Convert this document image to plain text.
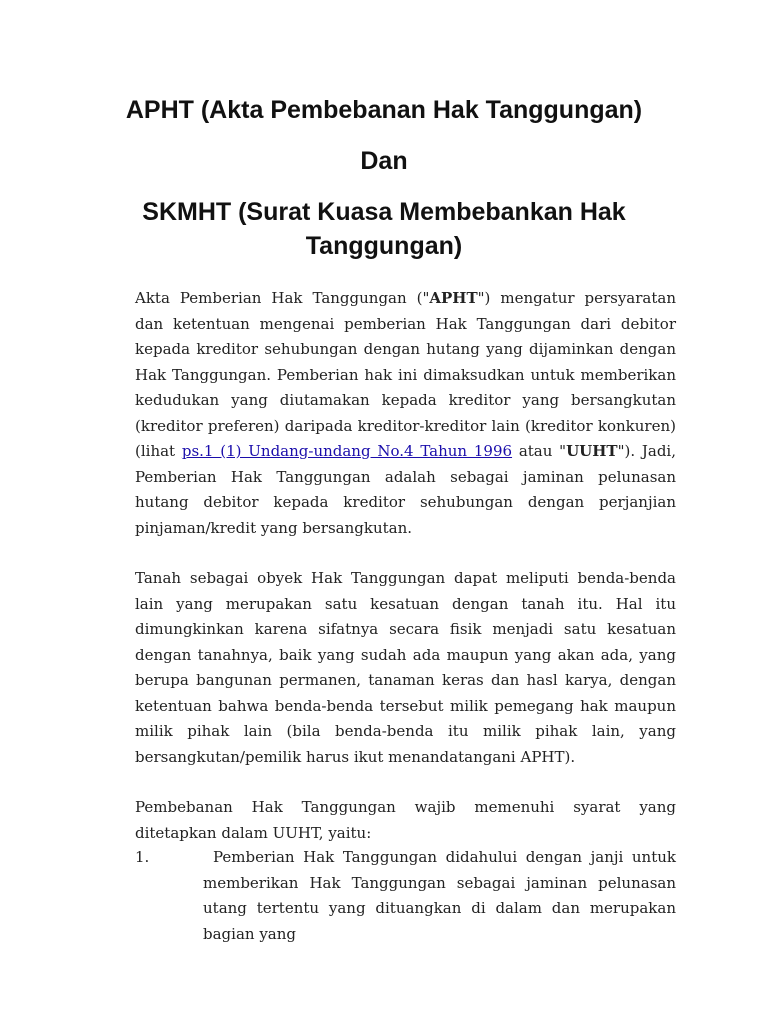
APHT (Akta Pembebanan Hak Tanggungan)
Dan
SKMHT (Surat Kuasa Membebankan Hak Tanggungan)

Akta Pemberian Hak Tanggungan ("APHT") mengatur persyaratan dan ketentuan mengenai pemberian Hak Tanggungan dari debitor kepada kreditor sehubungan dengan hutang yang dijaminkan dengan Hak Tanggungan. Pemberian hak ini dimaksudkan untuk memberikan kedudukan yang diutamakan kepada kreditor yang bersangkutan (kreditor preferen) daripada kreditor-kreditor lain (kreditor konkuren) (lihat ps.1 (1) Undang-undang No.4 Tahun 1996 atau "UUHT"). Jadi, Pemberian Hak Tanggungan adalah sebagai jaminan pelunasan hutang debitor kepada kreditor sehubungan dengan perjanjian pinjaman/kredit yang bersangkutan.

Tanah sebagai obyek Hak Tanggungan dapat meliputi benda-benda lain yang merupakan satu kesatuan dengan tanah itu. Hal itu dimungkinkan karena sifatnya secara fisik menjadi satu kesatuan dengan tanahnya, baik yang sudah ada maupun yang akan ada, yang berupa bangunan permanen, tanaman keras dan hasl karya, dengan ketentuan bahwa benda-benda tersebut milik pemegang hak maupun milik pihak lain (bila benda-benda itu milik pihak lain, yang bersangkutan/pemilik harus ikut menandatangani APHT).

Pembebanan Hak Tanggungan wajib memenuhi syarat yang ditetapkan dalam UUHT, yaitu:

1.	Pemberian Hak Tanggungan didahului dengan janji untuk memberikan Hak Tanggungan sebagai jaminan pelunasan utang tertentu yang dituangkan di dalam dan merupakan bagian yang
